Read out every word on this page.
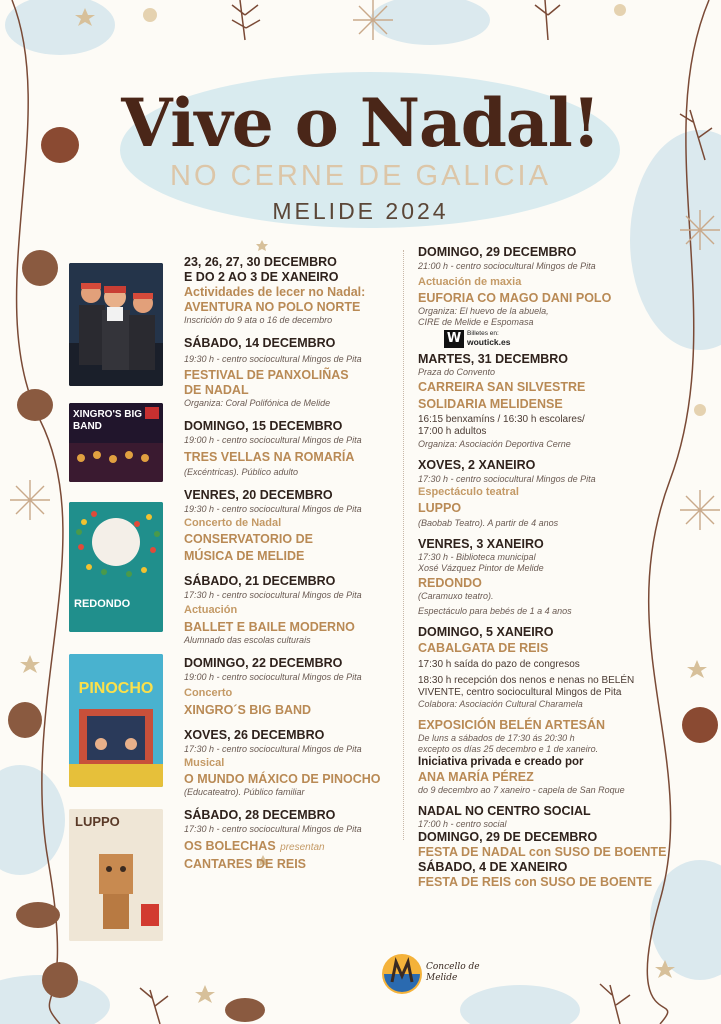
Vive o Nadal!
NO CERNE DE GALICIA
MELIDE 2024
XINGRO'S BIG BAND
REDONDO
PINOCHO
LUPPO
23, 26, 27, 30 DECEMBRO
E DO 2 AO 3 DE XANEIRO
Actividades de lecer no Nadal:
AVENTURA NO POLO NORTE
Inscrición do 9 ata o 16 de decembro
SÁBADO, 14 DECEMBRO
19:30 h - centro sociocultural Mingos de Pita
FESTIVAL DE PANXOLIÑAS
DE NADAL
Organiza: Coral Polifónica de Melide
DOMINGO, 15 DECEMBRO
19:00 h - centro sociocultural Mingos de Pita
TRES VELLAS NA ROMARÍA
(Excéntricas). Público adulto
VENRES, 20 DECEMBRO
19:30 h - centro sociocultural Mingos de Pita
Concerto de Nadal
CONSERVATORIO DE
MÚSICA DE MELIDE
SÁBADO, 21 DECEMBRO
17:30 h - centro sociocultural Mingos de Pita
Actuación
BALLET E BAILE MODERNO
Alumnado das escolas culturais
DOMINGO, 22 DECEMBRO
19:00 h - centro sociocultural Mingos de Pita
Concerto
XINGRO´S BIG BAND
XOVES, 26 DECEMBRO
17:30 h - centro sociocultural Mingos de Pita
Musical
O MUNDO MÁXICO DE PINOCHO
(Educateatro). Público familiar
SÁBADO, 28 DECEMBRO
17:30 h - centro sociocultural Mingos de Pita
OS BOLECHAS presentan
CANTARES DE REIS
DOMINGO, 29 DECEMBRO
21:00 h - centro sociocultural Mingos de Pita
Actuación de maxia
EUFORIA CO MAGO DANI POLO
Organiza: El huevo de la abuela,
CIRE de Melide e Espomasa
W Billetes en:
woutick.es
MARTES, 31 DECEMBRO
Praza do Convento
CARREIRA SAN SILVESTRE
SOLIDARIA MELIDENSE
16:15 benxamíns / 16:30 h escolares/
17:00 h adultos
Organiza: Asociación Deportiva Cerne
XOVES, 2 XANEIRO
17:30 h - centro sociocultural Mingos de Pita
Espectáculo teatral
LUPPO
(Baobab Teatro). A partir de 4 anos
VENRES, 3 XANEIRO
17:30 h - Biblioteca municipal
Xosé Vázquez Pintor de Melide
REDONDO
(Caramuxo teatro).
Espectáculo para bebés de 1 a 4 anos
DOMINGO, 5 XANEIRO
CABALGATA DE REIS
17:30 h saída do pazo de congresos
18:30 h recepción dos nenos e nenas no BELÉN
VIVENTE, centro sociocultural Mingos de Pita
Colabora: Asociación Cultural Charamela
EXPOSICIÓN BELÉN ARTESÁN
De luns a sábados de 17:30 ás 20:30 h
excepto os días 25 decembro e 1 de xaneiro.
Iniciativa privada e creado por
ANA MARÍA PÉREZ
do 9 decembro ao 7 xaneiro - capela de San Roque
NADAL NO CENTRO SOCIAL
17:00 h - centro social
DOMINGO, 29 DE DECEMBRO
FESTA DE NADAL con SUSO DE BOENTE
SÁBADO, 4 DE XANEIRO
FESTA DE REIS con SUSO DE BOENTE
Concello de Melide
